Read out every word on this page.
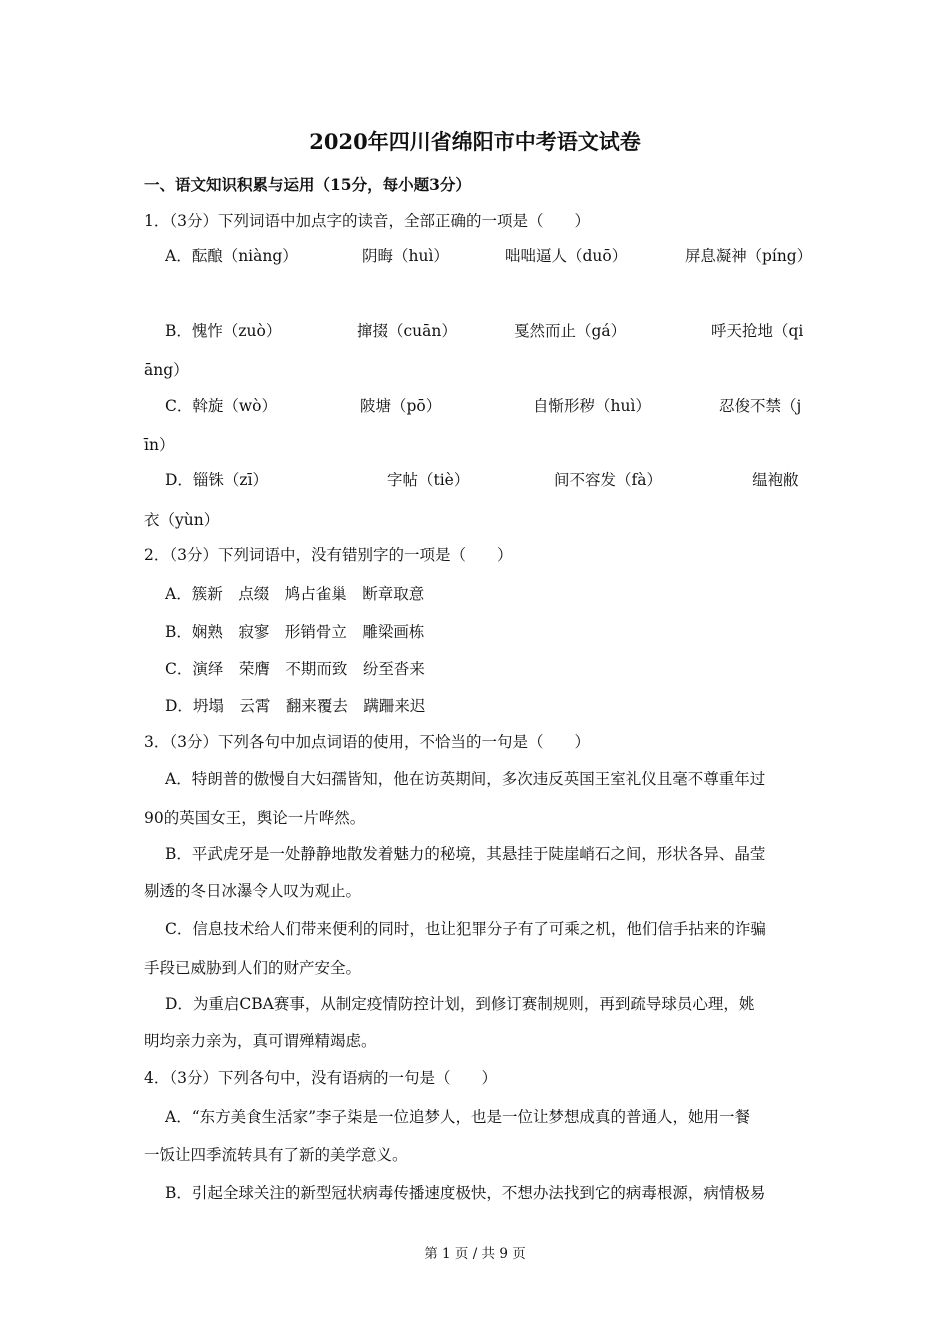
2020年四川省绵阳市中考语文试卷

一、语文知识积累与运用（15分，每小题3分）

1．（3分）下列词语中加点字的读音，全部正确的一项是（　　）

A．酝酿（niàng）	阴晦（huì）	咄咄逼人（duō）	屏息凝神（píng）
B．愧怍（zuò）	撺掇（cuān）	戛然而止（gá）	呼天抢地（qi

āng）

C．斡旋（wò）	陂塘（pō）	自惭形秽（huì）	忍俊不禁（j

īn）

D．锱铢（zī）	字帖（tiè）	间不容发（fà）	缊袍敝

衣（yùn）

2．（3分）下列词语中，没有错别字的一项是（　　）

A．簇新　点缀　鸠占雀巢　断章取意

B．娴熟　寂寥　形销骨立　雕梁画栋

C．演绎　荣膺　不期而致　纷至沓来

D．坍塌　云霄　翻来覆去　蹒跚来迟

3．（3分）下列各句中加点词语的使用，不恰当的一句是（　　）

A．特朗普的傲慢自大妇孺皆知，他在访英期间，多次违反英国王室礼仪且毫不尊重年过

90的英国女王，舆论一片哗然。

B．平武虎牙是一处静静地散发着魅力的秘境，其悬挂于陡崖峭石之间，形状各异、晶莹

剔透的冬日冰瀑令人叹为观止。

C．信息技术给人们带来便利的同时，也让犯罪分子有了可乘之机，他们信手拈来的诈骗

手段已威胁到人们的财产安全。

D．为重启CBA赛事，从制定疫情防控计划，到修订赛制规则，再到疏导球员心理，姚

明均亲力亲为，真可谓殚精竭虑。

4．（3分）下列各句中，没有语病的一句是（　　）

A．“东方美食生活家”李子柒是一位追梦人，也是一位让梦想成真的普通人，她用一餐

一饭让四季流转具有了新的美学意义。

B．引起全球关注的新型冠状病毒传播速度极快，不想办法找到它的病毒根源，病情极易

第 1 页 / 共 9 页
